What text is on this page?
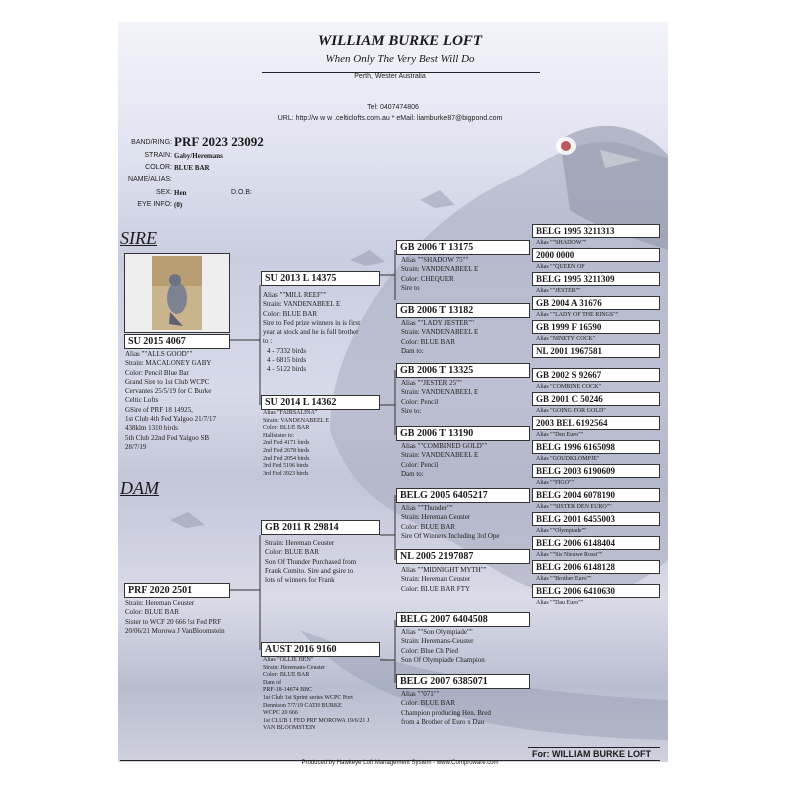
WILLIAM BURKE LOFT
When Only The Very Best Will Do
Perth, Wester Australia
Tel: 0407474806
URL: http://w w w .celticlofts.com.au * eMail: liamburke87@bigpond.com
BAND/RING: PRF 2023 23092
STRAIN: Gaby/Heremans
COLOR: BLUE BAR
NAME/ALIAS:
SEX: Hen	D.O.B:
EYE INFO: (0)
SIRE
DAM
SU 2015 4067
Alias ""ALLS GOOD""
Strain: MACALONEY GABY
Color: Pencil Blue Bar
Grand Sire to 1st Club WCPC
Cervantes 25/5/19 for C Burke
Celtic Lofts
GSire of PRF 18 14925,
1st Club 4th Fed Yalgoo 21/7/17
438klm 1310 birds
5th Club 22nd Fed Yalgoo SB
28/7/19
PRF 2020 2501
Strain: Hereman Ceuster
Color: BLUE BAR
Sister to WCF 20 666 !st Fed PRF
20/06/21 Morowa J VanBloomstein
SU 2013 L 14375
Alias ""MILL REEF""
Strain: VANDENABEEL E
Color: BLUE BAR
Sire to Fed prize winners in is first
year at stock and he is full brother
to :
4 - 7332 birds
4 - 6815 birds
4 - 5122 birds
SU 2014 L 14362
Alias "FAIRSALINA"
Strain: VANDENABEEL E
Color: BLUE BAR
Halfsister to:
2nd Fed 4171 birds
2nd Fed 2678 birds
2nd Fed 2054 birds
3rd Fed 5196 birds
3rd Fed 3923 birds
GB 2011 R 29814
Strain: Hereman Ceuster
Color: BLUE BAR
Son Of Thunder Purchased from
Frank Comito. Sire and gsire to
lots of winners for Frank
AUST 2016 9160
Alias "OLLIE HEN"
Strain: Heremans-Ceuster
Color: BLUE BAR
Dam of
PRF-18-14674 BBC
1st Club 1st Sprint series WCPC Port
Dennison 7/7/19 CATH BURKE
WCPC 20 666
1st CLUB 1 FED PRF MOROWA 19/6/21 J
VAN BLOOMSTEIN
GB 2006 T 13175
Alias ""SHADOW 75""
Strain: VANDENABEEL E
Color: CHEQUER
Sire to
GB 2006 T 13182
Alias ""LADY JESTER""
Strain: VANDENABEEL E
Color: BLUE BAR
Dam to:
GB 2006 T 13325
Alias ""JESTER 25""
Strain: VANDENABEEL E
Color: Pencil
Sire to:
GB 2006 T 13190
Alias ""COMBINED GOLD""
Strain: VANDENABEEL E
Color: Pencil
Dam to:
BELG 2005 6405217
Alias ""Thunder""
Strain: Hereman Ceuster
Color: BLUE BAR
Sire Of Winners Including 3rd Ope
NL 2005 2197087
Alias ""MIDNIGHT MYTH""
Strain: Hereman Ceuster
Color: BLUE BAR FTY
BELG 2007 6404508
Alias ""Son Olympiade""
Strain: Heremans-Ceuster
Color: Blue Ch Pied
Son Of Olympiade Champion
BELG 2007 6385071
Alias ""071""
Color: BLUE BAR
Champion producing Hen. Bred
from a Brother of Euro x Dau
BELG 1995 3211313
Alias ""SHADOW""
2000 0000
Alias ""QUEEN OF
BELG 1995 3211309
Alias ""JESTER""
GB 2004 A 31676
Alias ""LADY OF THE RINGS""
GB 1999 F 16590
Alias "NINETY COCK"
NL 2001 1967581
GB 2002 S 92667
Alias "COMBINE COCK"
GB 2001 C 50246
Alias "GOING FOR GOLD"
2003 BEL 6192564
Alias ""Den Euro""
BELG 1996 6165098
Alias "GOUDKLOMPJE"
BELG 2003 6190609
Alias ""FIGO""
BELG 2004 6078190
Alias ""SISTER DEN EURO""
BELG 2001 6455003
Alias ""Olympiade""
BELG 2006 6148404
Alias ""Sis Nieuwe Rossi""
BELG 2006 6148128
Alias ""Brother Euro""
BELG 2006 6410630
Alias ""Dau Euro""
For: WILLIAM BURKE LOFT
Produced by Hawkeye Loft Management System - www.Comproware.com
